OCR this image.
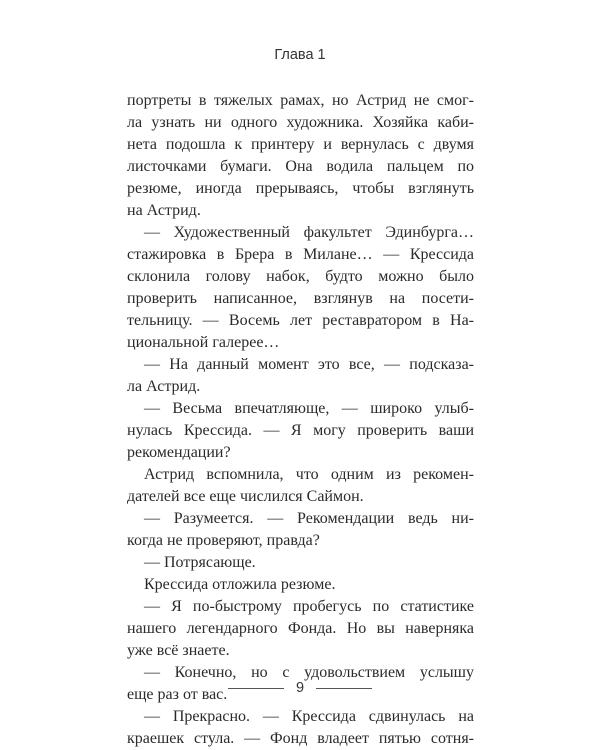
Глава 1
портреты в тяжелых рамах, но Астрид не смог-
ла узнать ни одного художника. Хозяйка каби-
нета подошла к принтеру и вернулась с двумя
листочками бумаги. Она водила пальцем по
резюме, иногда прерываясь, чтобы взглянуть
на Астрид.
— Художественный факультет Эдинбурга…
стажировка в Брера в Милане… — Крессида
склонила голову набок, будто можно было
проверить написанное, взглянув на посети-
тельницу. — Восемь лет реставратором в На-
циональной галерее…
— На данный момент это все, — подсказа-
ла Астрид.
— Весьма впечатляюще, — широко улыб-
нулась Крессида. — Я могу проверить ваши
рекомендации?
Астрид вспомнила, что одним из рекомен-
дателей все еще числился Саймон.
— Разумеется. — Рекомендации ведь ни-
когда не проверяют, правда?
— Потрясающе.
Крессида отложила резюме.
— Я по-быстрому пробегусь по статистике
нашего легендарного Фонда. Но вы наверняка
уже всё знаете.
— Конечно, но с удовольствием услышу
еще раз от вас.
— Прекрасно. — Крессида сдвинулась на
краешек стула. — Фонд владеет пятью сотня-
9
